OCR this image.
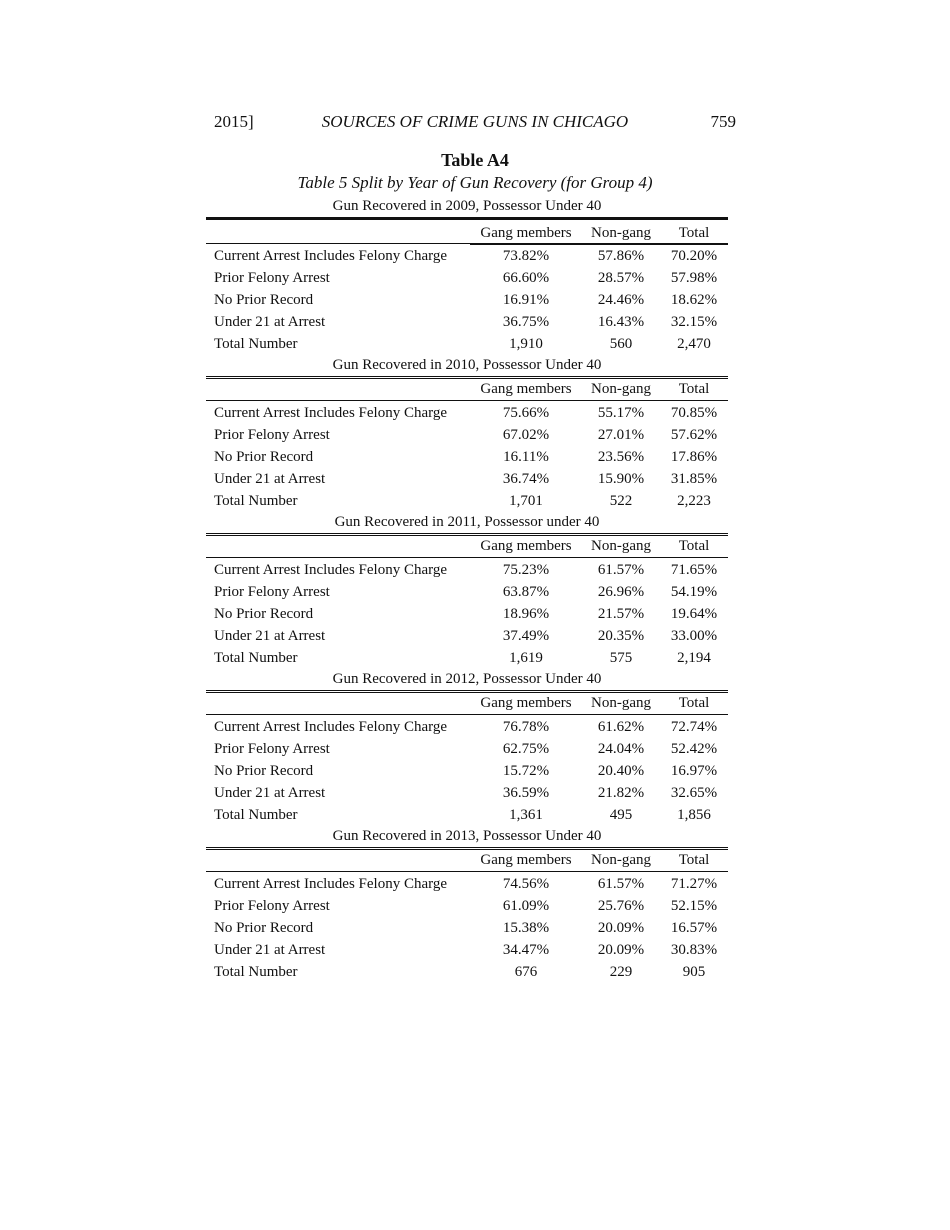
2015]	SOURCES OF CRIME GUNS IN CHICAGO	759
Table A4
Table 5 Split by Year of Gun Recovery (for Group 4)
Gun Recovered in 2009, Possessor Under 40
Gang members	Non-gang	Total
Current Arrest Includes Felony Charge	73.82%	57.86%	70.20%
Prior Felony Arrest	66.60%	28.57%	57.98%
No Prior Record	16.91%	24.46%	18.62%
Under 21 at Arrest	36.75%	16.43%	32.15%
Total Number	1,910	560	2,470
Gun Recovered in 2010, Possessor Under 40
Gang members	Non-gang	Total
Current Arrest Includes Felony Charge	75.66%	55.17%	70.85%
Prior Felony Arrest	67.02%	27.01%	57.62%
No Prior Record	16.11%	23.56%	17.86%
Under 21 at Arrest	36.74%	15.90%	31.85%
Total Number	1,701	522	2,223
Gun Recovered in 2011, Possessor under 40
Gang members	Non-gang	Total
Current Arrest Includes Felony Charge	75.23%	61.57%	71.65%
Prior Felony Arrest	63.87%	26.96%	54.19%
No Prior Record	18.96%	21.57%	19.64%
Under 21 at Arrest	37.49%	20.35%	33.00%
Total Number	1,619	575	2,194
Gun Recovered in 2012, Possessor Under 40
Gang members	Non-gang	Total
Current Arrest Includes Felony Charge	76.78%	61.62%	72.74%
Prior Felony Arrest	62.75%	24.04%	52.42%
No Prior Record	15.72%	20.40%	16.97%
Under 21 at Arrest	36.59%	21.82%	32.65%
Total Number	1,361	495	1,856
Gun Recovered in 2013, Possessor Under 40
Gang members	Non-gang	Total
Current Arrest Includes Felony Charge	74.56%	61.57%	71.27%
Prior Felony Arrest	61.09%	25.76%	52.15%
No Prior Record	15.38%	20.09%	16.57%
Under 21 at Arrest	34.47%	20.09%	30.83%
Total Number	676	229	905
